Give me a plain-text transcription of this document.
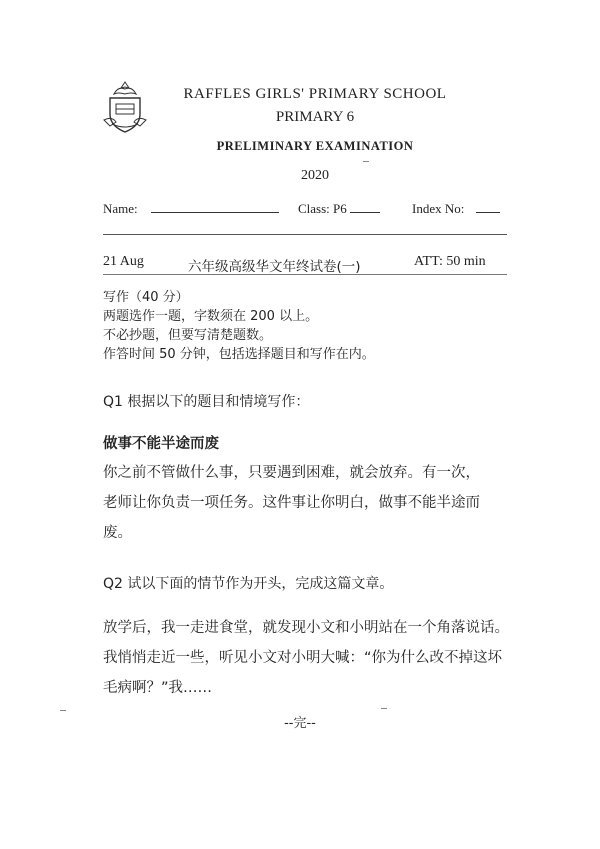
RAFFLES GIRLS' PRIMARY SCHOOL
PRIMARY 6
PRELIMINARY EXAMINATION
2020
Name:	Class: P6	Index No:
21 Aug	六年级高级华文年终试卷(一)	ATT: 50 min
写作（40 分）
两题选作一题，字数须在 200 以上。
不必抄题，但要写清楚题数。
作答时间 50 分钟，包括选择题目和写作在内。
Q1 根据以下的题目和情境写作：
做事不能半途而废
你之前不管做什么事，只要遇到困难，就会放弃。有一次，
老师让你负责一项任务。这件事让你明白，做事不能半途而
废。
Q2 试以下面的情节作为开头，完成这篇文章。
放学后，我一走进食堂，就发现小文和小明站在一个角落说话。
我悄悄走近一些，听见小文对小明大喊：“你为什么改不掉这坏
毛病啊？”我……
--完--
